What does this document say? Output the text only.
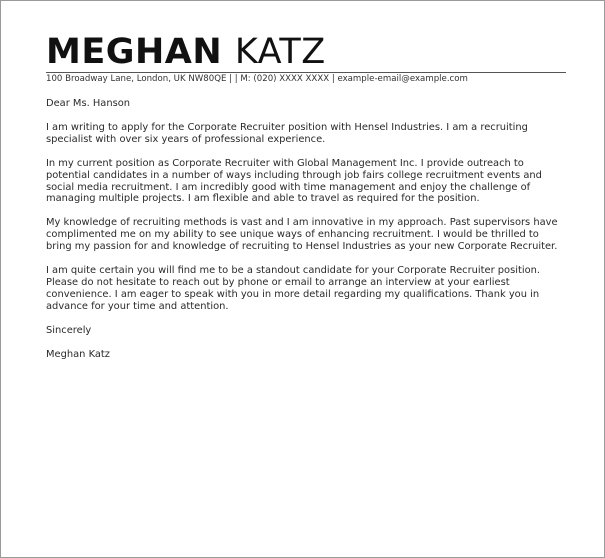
MEGHAN KATZ
100 Broadway Lane, London, UK NW80QE | | M: (020) XXXX XXXX | example-email@example.com

Dear Ms. Hanson

I am writing to apply for the Corporate Recruiter position with Hensel Industries. I am a recruiting specialist with over six years of professional experience.

In my current position as Corporate Recruiter with Global Management Inc. I provide outreach to potential candidates in a number of ways including through job fairs college recruitment events and social media recruitment. I am incredibly good with time management and enjoy the challenge of managing multiple projects. I am flexible and able to travel as required for the position.

My knowledge of recruiting methods is vast and I am innovative in my approach. Past supervisors have complimented me on my ability to see unique ways of enhancing recruitment. I would be thrilled to bring my passion for and knowledge of recruiting to Hensel Industries as your new Corporate Recruiter.

I am quite certain you will find me to be a standout candidate for your Corporate Recruiter position. Please do not hesitate to reach out by phone or email to arrange an interview at your earliest convenience. I am eager to speak with you in more detail regarding my qualifications. Thank you in advance for your time and attention.

Sincerely

Meghan Katz
